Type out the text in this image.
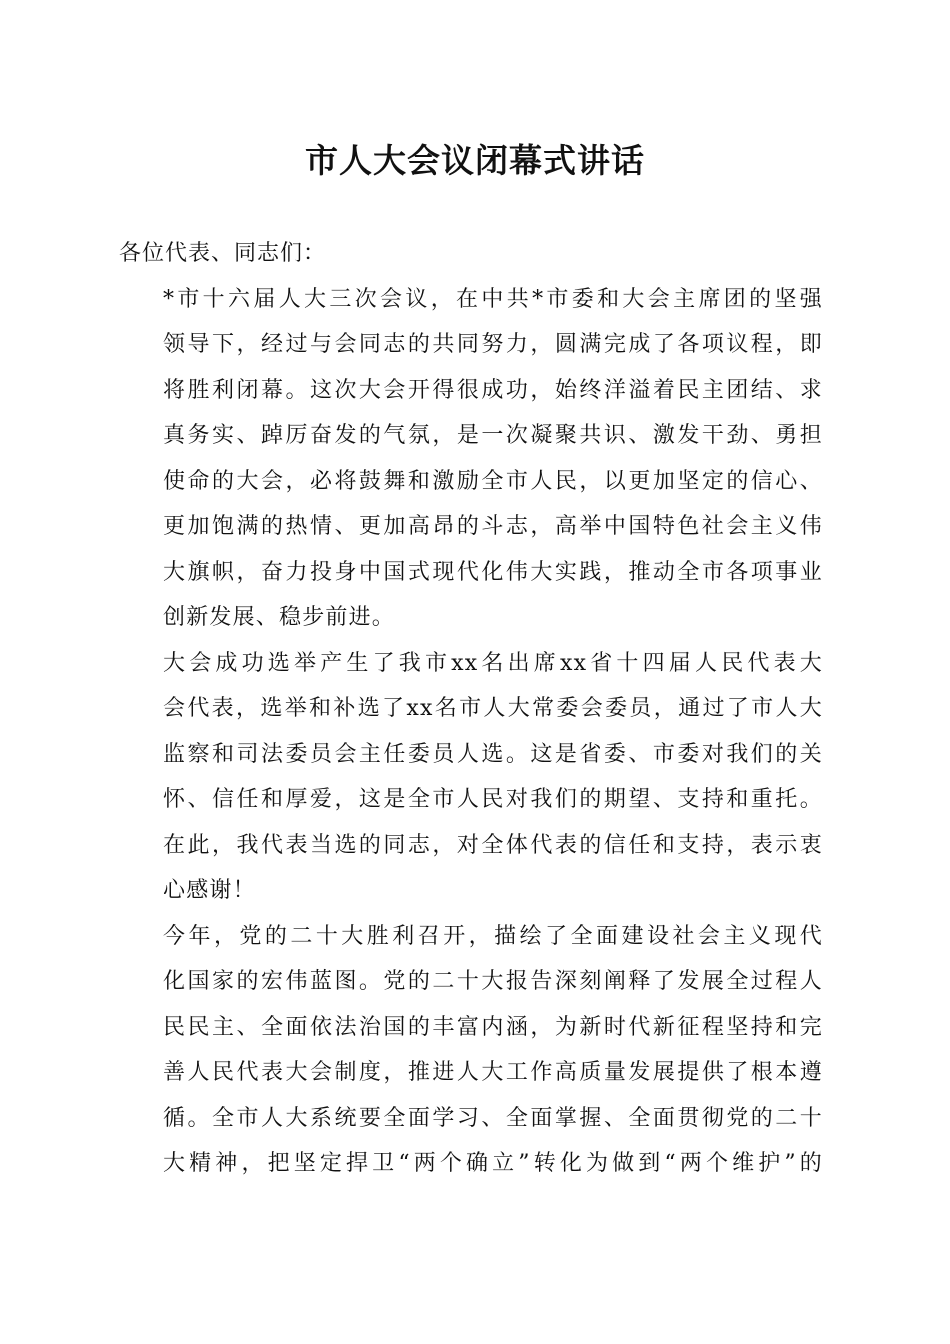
市人大会议闭幕式讲话

各位代表、同志们：

*市十六届人大三次会议，在中共*市委和大会主席团的坚强
领导下，经过与会同志的共同努力，圆满完成了各项议程，即
将胜利闭幕。这次大会开得很成功，始终洋溢着民主团结、求
真务实、踔厉奋发的气氛，是一次凝聚共识、激发干劲、勇担
使命的大会，必将鼓舞和激励全市人民，以更加坚定的信心、
更加饱满的热情、更加高昂的斗志，高举中国特色社会主义伟
大旗帜，奋力投身中国式现代化伟大实践，推动全市各项事业
创新发展、稳步前进。

大会成功选举产生了我市xx名出席xx省十四届人民代表大
会代表，选举和补选了xx名市人大常委会委员，通过了市人大
监察和司法委员会主任委员人选。这是省委、市委对我们的关
怀、信任和厚爱，这是全市人民对我们的期望、支持和重托。
在此，我代表当选的同志，对全体代表的信任和支持，表示衷
心感谢！

今年，党的二十大胜利召开，描绘了全面建设社会主义现代
化国家的宏伟蓝图。党的二十大报告深刻阐释了发展全过程人
民民主、全面依法治国的丰富内涵，为新时代新征程坚持和完
善人民代表大会制度，推进人大工作高质量发展提供了根本遵
循。全市人大系统要全面学习、全面掌握、全面贯彻党的二十
大精神，把坚定捍卫“两个确立”转化为做到“两个维护”的
